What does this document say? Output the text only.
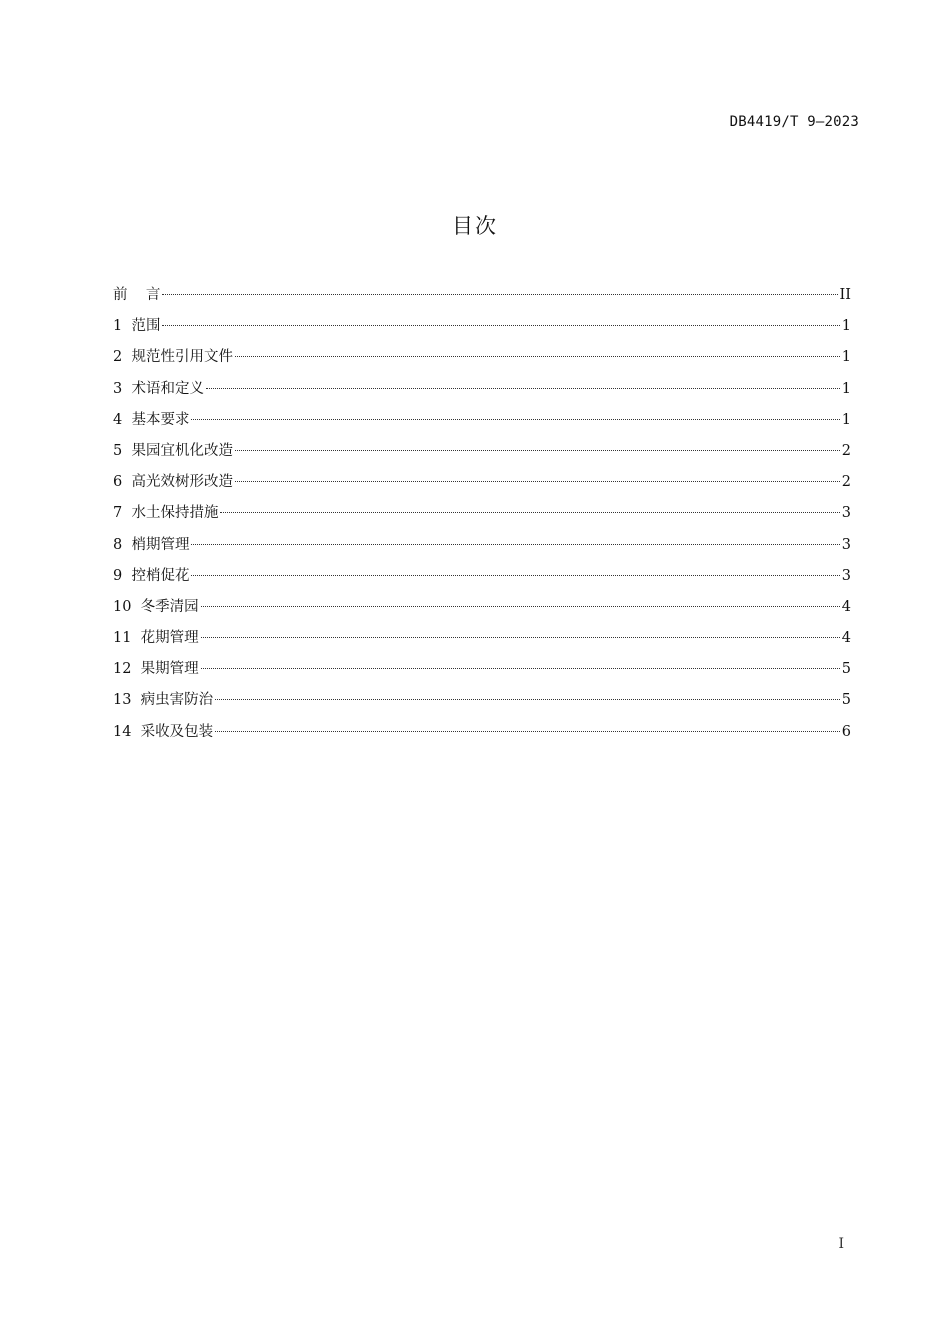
DB4419/T 9—2023
目次
前    言	II
1  范围	1
2  规范性引用文件	1
3  术语和定义	1
4  基本要求	1
5  果园宜机化改造	2
6  高光效树形改造	2
7  水土保持措施	3
8  梢期管理	3
9  控梢促花	3
10  冬季清园	4
11  花期管理	4
12  果期管理	5
13  病虫害防治	5
14  采收及包装	6
I
